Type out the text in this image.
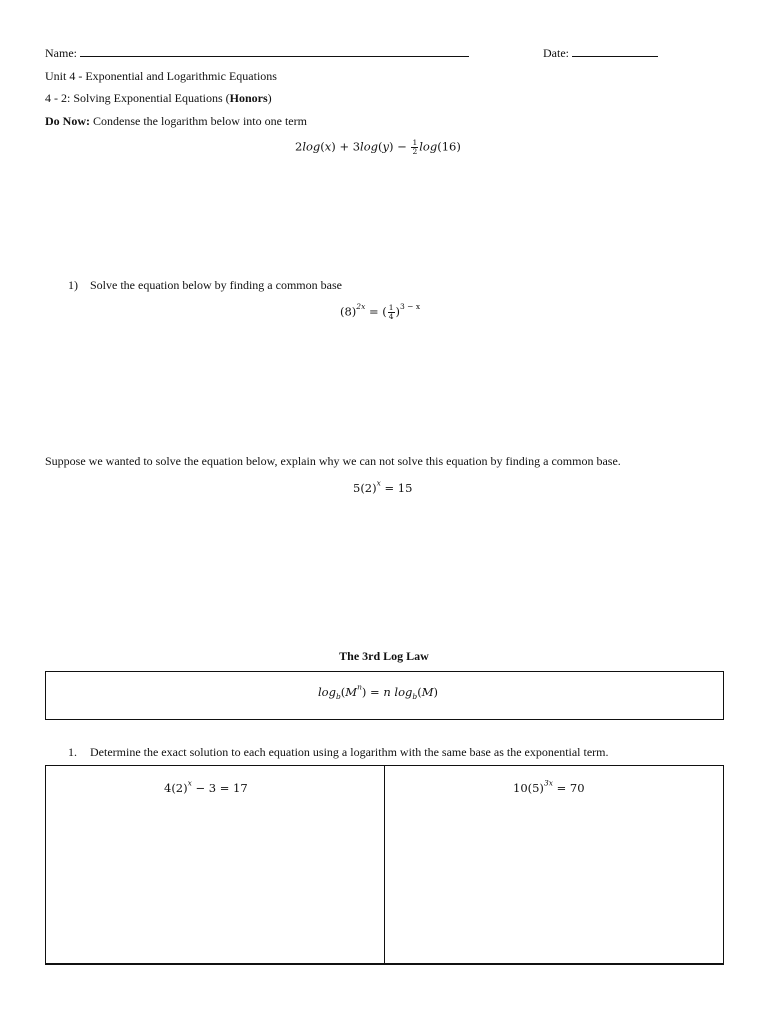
Name:	Date:
Unit 4 - Exponential and Logarithmic Equations
4 - 2: Solving Exponential Equations (Honors)
Do Now: Condense the logarithm below into one term
$2\log(x) + 3\log(y) - \frac{1}{2} \log(16)$
1) Solve the equation below by finding a common base
$(8)^{2x}$ = ( $\frac{1}{4} )^{3 - x}$
Suppose we wanted to solve the equation below, explain why we can not solve this equation by finding a common base.
$5(2)^x = 15$
The 3rd Log Law
$\log_b(M^n) = n$ $\log_b(M)$
1. Determine the exact solution to each equation using a logarithm with the same base as the exponential term.
$4(2)^x - 3 = 17$	$10(5)^{3x} = 70$
